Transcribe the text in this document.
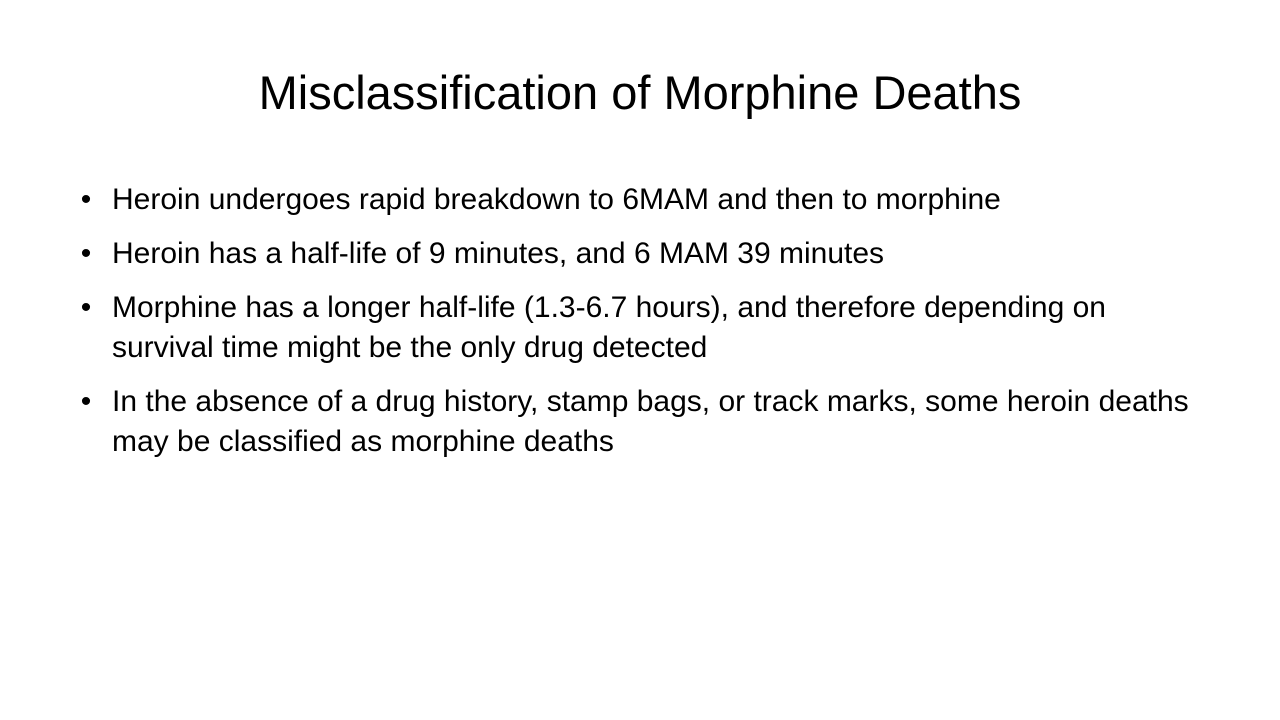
Misclassification of Morphine Deaths
• Heroin undergoes rapid breakdown to 6MAM and then to morphine
• Heroin has a half-life of 9 minutes, and 6 MAM 39 minutes
• Morphine has a longer half-life (1.3-6.7 hours), and therefore depending on survival time might be the only drug detected
• In the absence of a drug history, stamp bags, or track marks, some heroin deaths may be classified as morphine deaths
